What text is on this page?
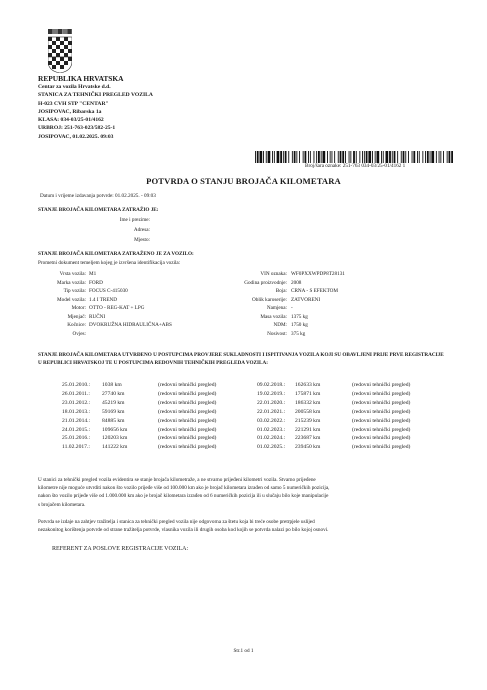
REPUBLIKA HRVATSKA
Centar za vozila Hrvatske d.d.
STANICA ZA TEHNIČKI PREGLED VOZILA
H-023 CVH STP "CENTAR"
JOSIPOVAC, Ribarska 1a
KLASA: 034-03/25-01/4162
URBROJ: 251-763-023/582-25-1
JOSIPOVAC, 01.02.2025. 09:03
Broj/šara oznake: 251-763 034-03/25-01/4162 1
POTVRDA O STANJU BROJAČA KILOMETARA
Datum i vrijeme izdavanja potvrde: 01.02.2025. - 09:03
STANJE BROJAČA KILOMETARA ZATRAŽIO JE:
Ime i prezime:
Adresa:
Mjesto:
STANJE BROJAČA KILOMETARA ZATRAŽENO JE ZA VOZILO:
Prometni dokument temeljem kojeg je izvršena identifikacija vozila:
Vrsta vozila: M1
Marka vozila: FORD
Tip vozila: FOCUS C-415030
Model vozila: 1.4 I TREND
Motor: OTTO - REG-KAT + LPG
Mjenjač: RUČNI
Kočnice: DVOKRUŽNA HIDRAULIČNA+ABS
Ovjes:
VIN oznaka: WF0PXXWPDP8T28131
Godina proizvodnje: 2008
Boja: CRNA - S EFEKTOM
Oblik karoserije: ZATVORENI
Namjena: -
Masa vozila: 1375 kg
NDM: 1750 kg
Nosivost: 375 kg
STANJE BROJAČA KILOMETARA UTVRĐENO U POSTUPCIMA PROVJERE SUKLADNOSTI I ISPITIVANJA VOZILA KOJI SU OBAVLJENI PRIJE PRVE REGISTRACIJE U REPUBLICI HRVATSKOJ TE U POSTUPCIMA REDOVNIH TEHNIČKIH PREGLEDA VOZILA:
25.01.2010.: 1038 km	(redovni tehnički pregled)
26.01.2011.: 27740 km	(redovni tehnički pregled)
23.01.2012.: 45219 km	(redovni tehnički pregled)
18.01.2013.: 59169 km	(redovni tehnički pregled)
21.01.2014.: 84885 km	(redovni tehnički pregled)
24.01.2015.: 109656 km	(redovni tehnički pregled)
25.01.2016.: 120203 km	(redovni tehnički pregled)
11.02.2017.: 141222 km	(redovni tehnički pregled)
09.02.2018.: 162633 km	(redovni tehnički pregled)
19.02.2019.: 175871 km	(redovni tehnički pregled)
22.01.2020.: 186332 km	(redovni tehnički pregled)
22.01.2021.: 200558 km	(redovni tehnički pregled)
03.02.2022.: 215239 km	(redovni tehnički pregled)
01.02.2023.: 221291 km	(redovni tehnički pregled)
01.02.2024.: 223687 km	(redovni tehnički pregled)
01.02.2025.: 239450 km	(redovni tehnički pregled)
U stanici za tehnički pregled vozila evidentira se stanje brojača kilometraže, a ne stvarno prijeđeni kilometri vozila. Stvarno prijeđene
kilometre nije moguće utvrditi nakon što vozilo prijeđe više od 100.000 km ako je brojač kilometara izrađen od samo 5 numeričkih pozicija,
nakon što vozilo prijeđe više od 1.000.000 km ako je brojač kilometara izrađen od 6 numeričkih pozicija ili u slučaju bilo koje manipulacije
s brojačem kilometara.
Potvrda se izdaje na zahtjev tražitelja i stanica za tehnički pregled vozila nije odgovorna za štetu koja bi treće osobe pretrpjele uslijed
nezakonitog korištenja potvrde od strane tražitelja potvrde, vlasnika vozila ili drugih osoba kod kojih se potvrda nalazi po bilo kojoj osnovi.
REFERENT ZA POSLOVE REGISTRACIJE VOZILA:
Str.1 od 1
